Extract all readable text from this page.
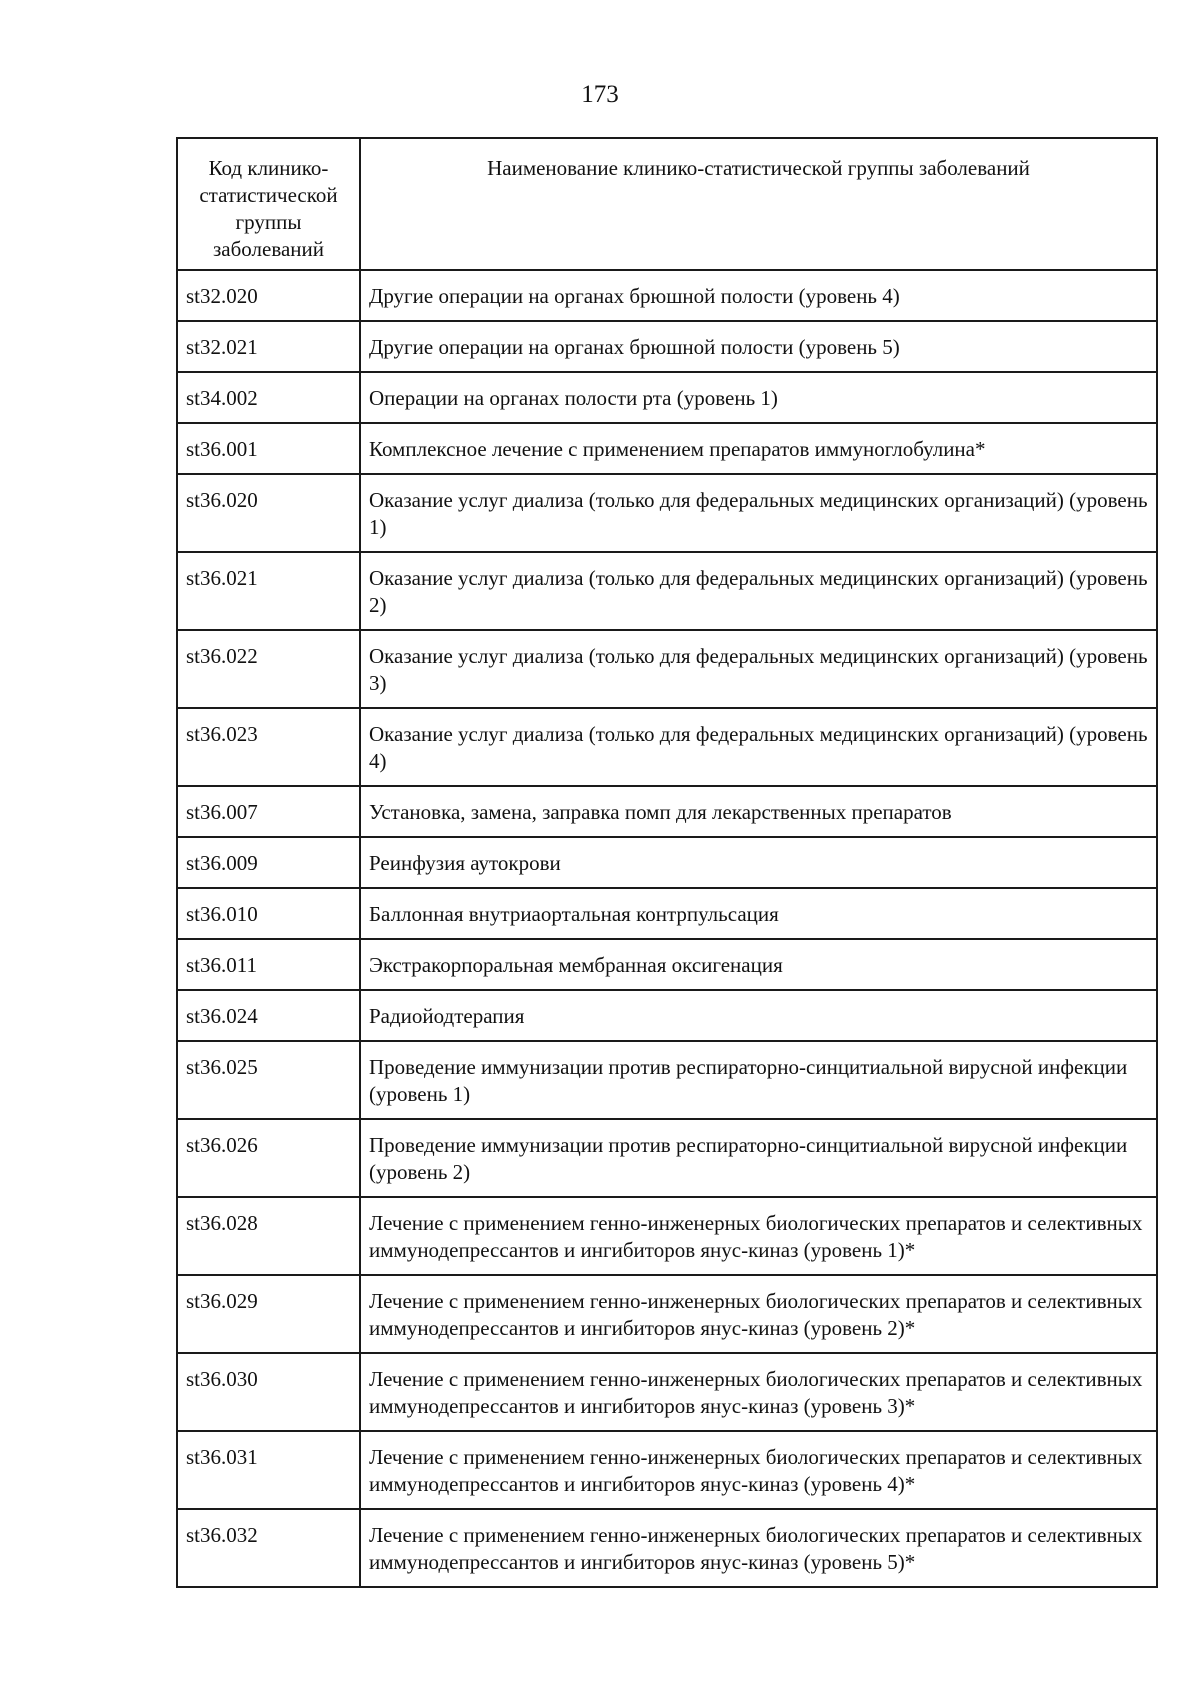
173
Код клинико-статистической группы заболеваний	Наименование клинико-статистической группы заболеваний
st32.020	Другие операции на органах брюшной полости (уровень 4)
st32.021	Другие операции на органах брюшной полости (уровень 5)
st34.002	Операции на органах полости рта (уровень 1)
st36.001	Комплексное лечение с применением препаратов иммуноглобулина*
st36.020	Оказание услуг диализа (только для федеральных медицинских организаций) (уровень 1)
st36.021	Оказание услуг диализа (только для федеральных медицинских организаций) (уровень 2)
st36.022	Оказание услуг диализа (только для федеральных медицинских организаций) (уровень 3)
st36.023	Оказание услуг диализа (только для федеральных медицинских организаций) (уровень 4)
st36.007	Установка, замена, заправка помп для лекарственных препаратов
st36.009	Реинфузия аутокрови
st36.010	Баллонная внутриаортальная контрпульсация
st36.011	Экстракорпоральная мембранная оксигенация
st36.024	Радиойодтерапия
st36.025	Проведение иммунизации против респираторно-синцитиальной вирусной инфекции (уровень 1)
st36.026	Проведение иммунизации против респираторно-синцитиальной вирусной инфекции (уровень 2)
st36.028	Лечение с применением генно-инженерных биологических препаратов и селективных иммунодепрессантов и ингибиторов янус-киназ (уровень 1)*
st36.029	Лечение с применением генно-инженерных биологических препаратов и селективных иммунодепрессантов и ингибиторов янус-киназ (уровень 2)*
st36.030	Лечение с применением генно-инженерных биологических препаратов и селективных иммунодепрессантов и ингибиторов янус-киназ (уровень 3)*
st36.031	Лечение с применением генно-инженерных биологических препаратов и селективных иммунодепрессантов и ингибиторов янус-киназ (уровень 4)*
st36.032	Лечение с применением генно-инженерных биологических препаратов и селективных иммунодепрессантов и ингибиторов янус-киназ (уровень 5)*
